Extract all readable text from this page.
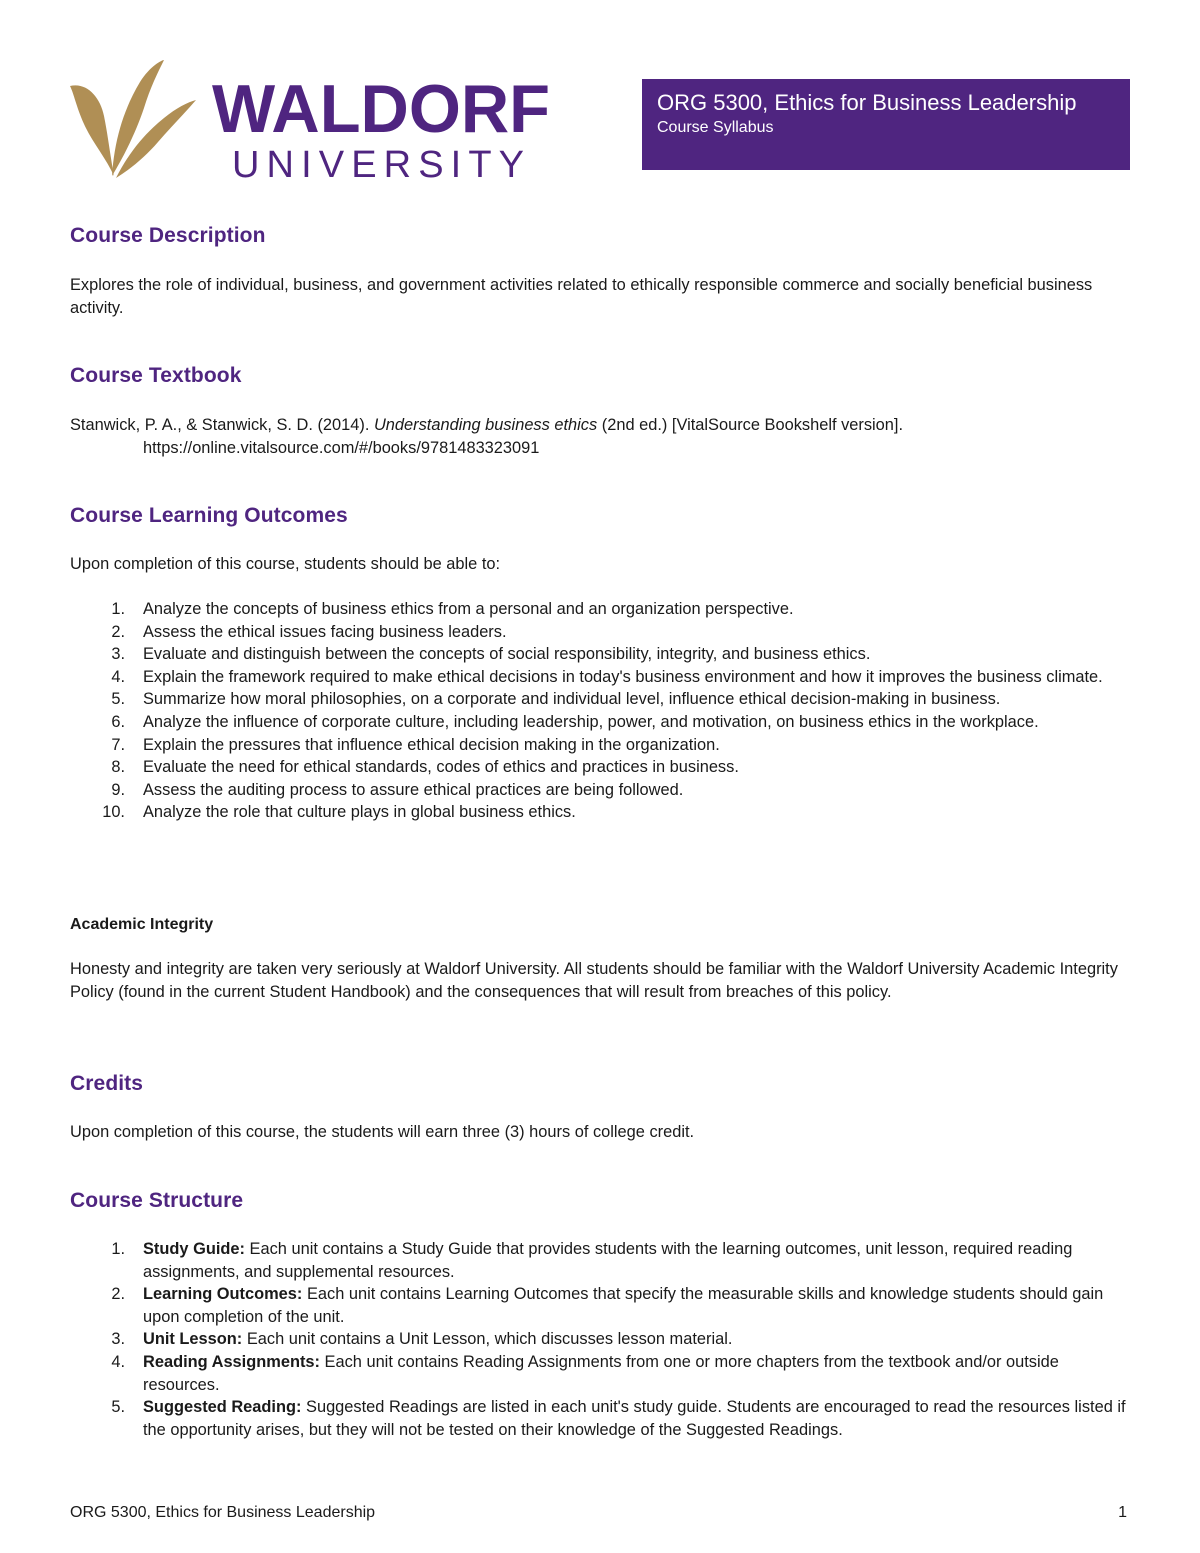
WALDORF
UNIVERSITY
ORG 5300, Ethics for Business Leadership
Course Syllabus
Course Description

Explores the role of individual, business, and government activities related to ethically responsible commerce and socially beneficial business activity.

Course Textbook

Stanwick, P. A., & Stanwick, S. D. (2014). Understanding business ethics (2nd ed.) [VitalSource Bookshelf version].
https://online.vitalsource.com/#/books/9781483323091

Course Learning Outcomes

Upon completion of this course, students should be able to:

1. Analyze the concepts of business ethics from a personal and an organization perspective.
2. Assess the ethical issues facing business leaders.
3. Evaluate and distinguish between the concepts of social responsibility, integrity, and business ethics.
4. Explain the framework required to make ethical decisions in today's business environment and how it improves the business climate.
5. Summarize how moral philosophies, on a corporate and individual level, influence ethical decision-making in business.
6. Analyze the influence of corporate culture, including leadership, power, and motivation, on business ethics in the workplace.
7. Explain the pressures that influence ethical decision making in the organization.
8. Evaluate the need for ethical standards, codes of ethics and practices in business.
9. Assess the auditing process to assure ethical practices are being followed.
10. Analyze the role that culture plays in global business ethics.
Academic Integrity

Honesty and integrity are taken very seriously at Waldorf University. All students should be familiar with the Waldorf University Academic Integrity Policy (found in the current Student Handbook) and the consequences that will result from breaches of this policy.

Credits

Upon completion of this course, the students will earn three (3) hours of college credit.

Course Structure
1. Study Guide: Each unit contains a Study Guide that provides students with the learning outcomes, unit lesson, required reading assignments, and supplemental resources.
2. Learning Outcomes: Each unit contains Learning Outcomes that specify the measurable skills and knowledge students should gain upon completion of the unit.
3. Unit Lesson: Each unit contains a Unit Lesson, which discusses lesson material.
4. Reading Assignments: Each unit contains Reading Assignments from one or more chapters from the textbook and/or outside resources.
5. Suggested Reading: Suggested Readings are listed in each unit's study guide. Students are encouraged to read the resources listed if the opportunity arises, but they will not be tested on their knowledge of the Suggested Readings.
ORG 5300, Ethics for Business Leadership	1
